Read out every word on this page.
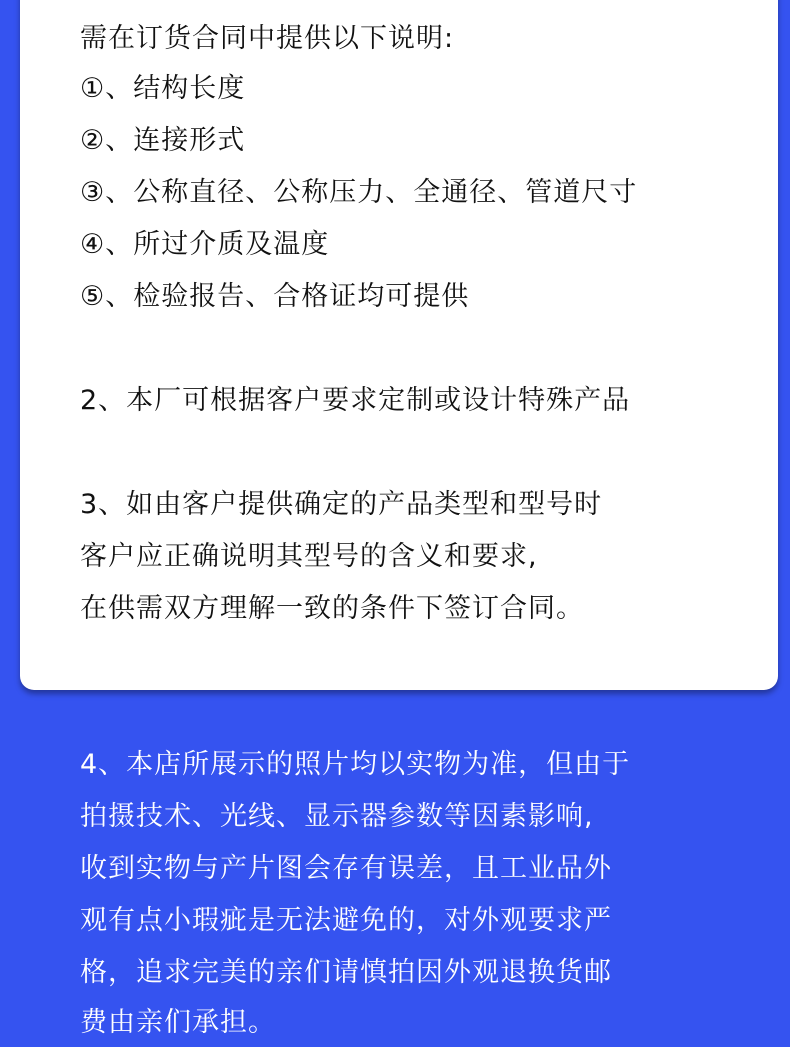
需在订货合同中提供以下说明:
①、结构长度
②、连接形式
③、公称直径、公称压力、全通径、管道尺寸
④、所过介质及温度
⑤、检验报告、合格证均可提供
2、本厂可根据客户要求定制或设计特殊产品
3、如由客户提供确定的产品类型和型号时
客户应正确说明其型号的含义和要求,
在供需双方理解一致的条件下签订合同。
4、本店所展示的照片均以实物为准，但由于
拍摄技术、光线、显示器参数等因素影响,
收到实物与产片图会存有误差，且工业品外
观有点小瑕疵是无法避免的，对外观要求严
格，追求完美的亲们请慎拍因外观退换货邮
费由亲们承担。
